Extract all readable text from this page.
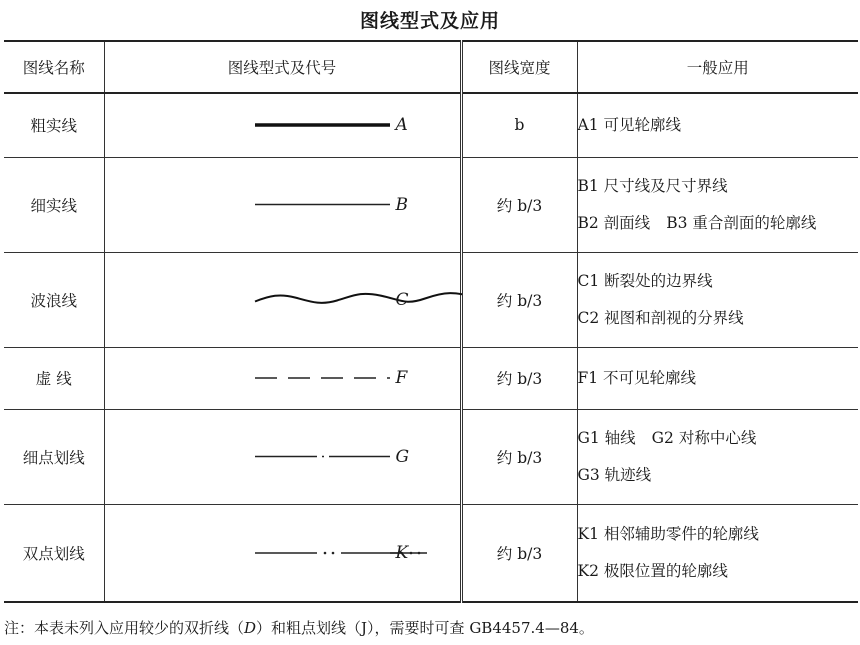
图线型式及应用
图线名称	图线型式及代号	图线宽度	一般应用
粗实线	A	b	A1 可见轮廓线

细实线	B	约 b/3	B1 尺寸线及尺寸界线
B2 剖面线 B3 重合剖面的轮廓线

波浪线	C	约 b/3	C1 断裂处的边界线
C2 视图和剖视的分界线

虚 线	F	约 b/3	F1 不可见轮廓线

细点划线	G	约 b/3	G1 轴线 G2 对称中心线
G3 轨迹线

双点划线	K	约 b/3	K1 相邻辅助零件的轮廓线
K2 极限位置的轮廓线
注：本表未列入应用较少的双折线（D）和粗点划线（J），需要时可查 GB4457.4—84。
